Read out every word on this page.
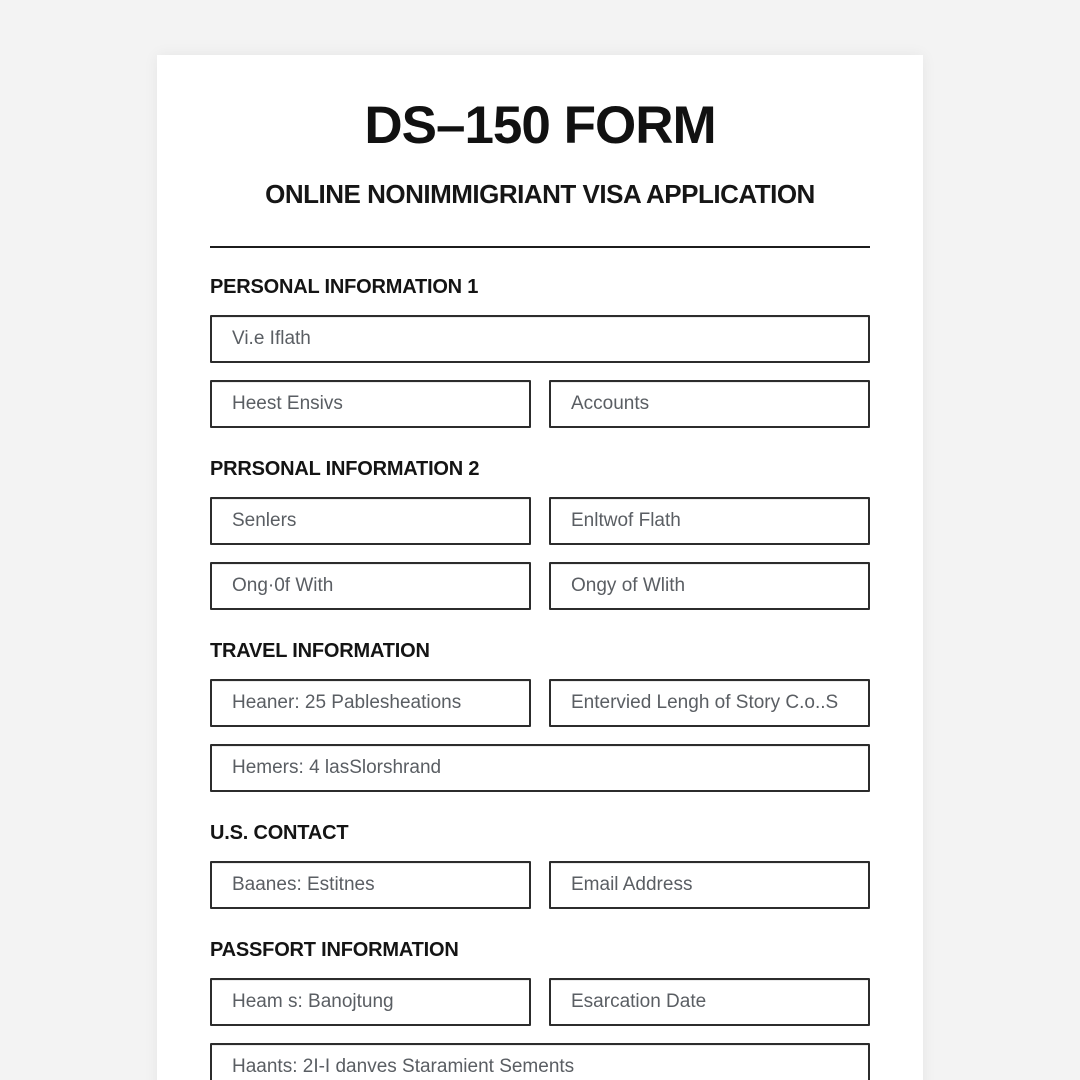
DS–150 FORM
ONLINE NONIMMIGRIANT VISA APPLICATION
PERSONAL INFORMATION 1
Vi.e Iflath
Heest Ensivs
Accounts
PRRSONAL INFORMATION 2
Senlers
Enltwof Flath
Ong·0f With
Ongy of Wlith
TRAVEL INFORMATION
Heaner: 25 Pablesheations
Entervied Lengh of Story C.o..S
Hemers: 4 lasSlorshrand
U.S. CONTACT
Baanes: Estitnes
Email Address
PASSFORT INFORMATION
Heam s: Banojtung
Esarcation Date
Haants: 2I-I danves Staramient Sements
